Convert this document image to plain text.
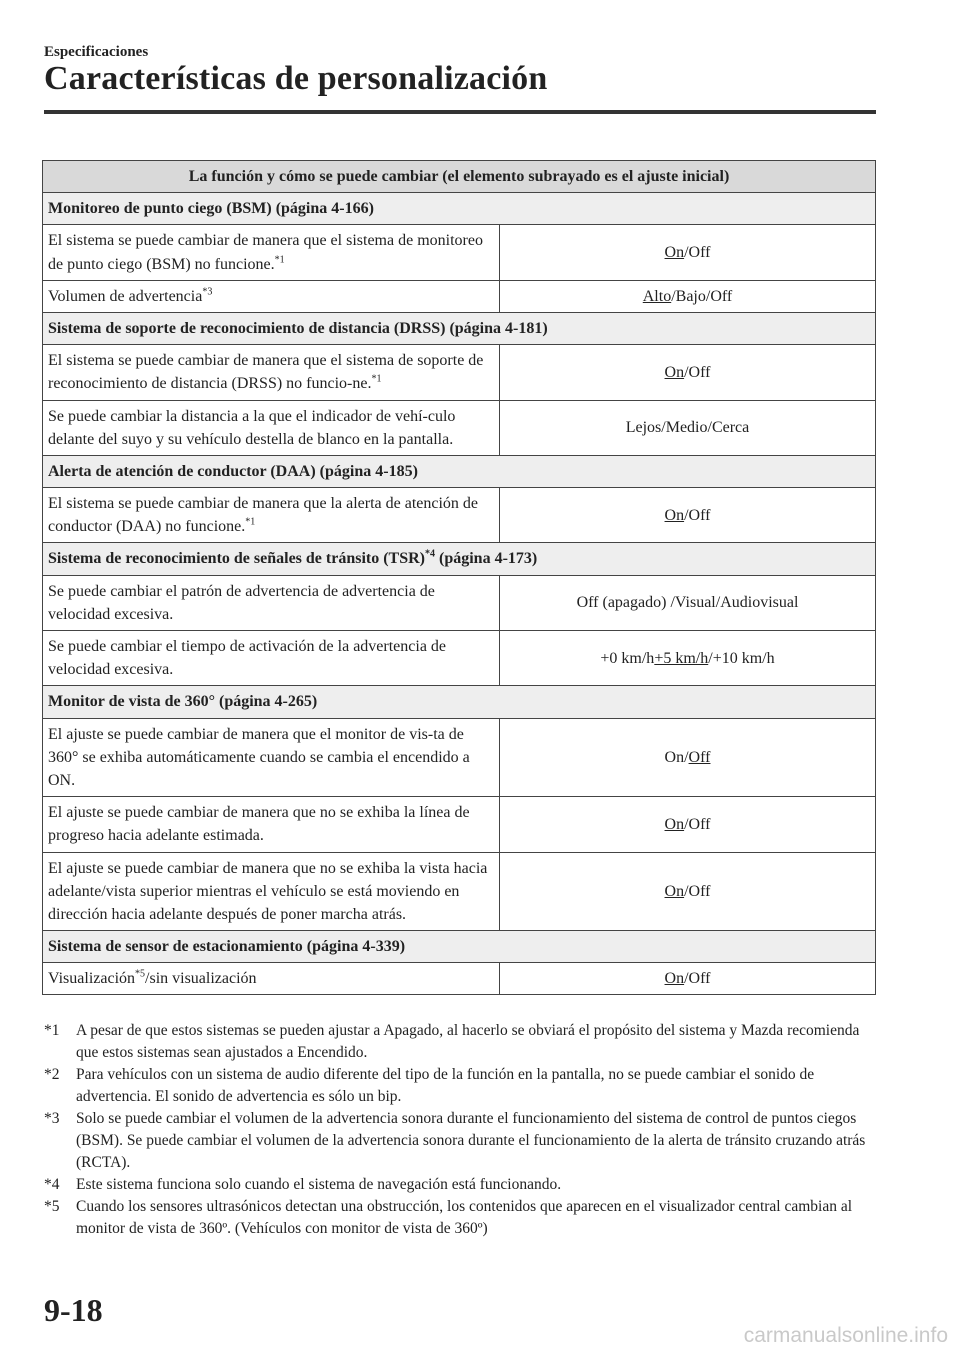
Especificaciones
Características de personalización
La función y cómo se puede cambiar (el elemento subrayado es el ajuste inicial)	
Monitoreo de punto ciego (BSM) (página 4-166)	
El sistema se puede cambiar de manera que el sistema de monitoreo de punto ciego (BSM) no funcione.$^{*1}$	On/Off
Volumen de advertencia$^{*3}$	Alto/Bajo/Off
Sistema de soporte de reconocimiento de distancia (DRSS) (página 4-181)	
El sistema se puede cambiar de manera que el sistema de soporte de reconocimiento de distancia (DRSS) no funcio-ne.$^{*1}$	On/Off
Se puede cambiar la distancia a la que el indicador de vehí-culo delante del suyo y su vehículo destella de blanco en la pantalla.	Lejos/Medio/Cerca
Alerta de atención de conductor (DAA) (página 4-185)	
El sistema se puede cambiar de manera que la alerta de atención de conductor (DAA) no funcione.$^{*1}$	On/Off
Sistema de reconocimiento de señales de tránsito (TSR)$^{*4}$ (página 4-173)	
Se puede cambiar el patrón de advertencia de advertencia de velocidad excesiva.	Off (apagado) /Visual/Audiovisual
Se puede cambiar el tiempo de activación de la advertencia de velocidad excesiva.	+0 km/h+5 km/h/+10 km/h
Monitor de vista de 360° (página 4-265)	
El ajuste se puede cambiar de manera que el monitor de vis-ta de 360° se exhiba automáticamente cuando se cambia el encendido a ON.	On/Off
El ajuste se puede cambiar de manera que no se exhiba la línea de progreso hacia adelante estimada.	On/Off
El ajuste se puede cambiar de manera que no se exhiba la vista hacia adelante/vista superior mientras el vehículo se está moviendo en dirección hacia adelante después de poner marcha atrás.	On/Off
Sistema de sensor de estacionamiento (página 4-339)	
Visualización$^{*5}$/sin visualización	On/Off
*1	A pesar de que estos sistemas se pueden ajustar a Apagado, al hacerlo se obviará el propósito del sistema y Mazda recomienda que estos sistemas sean ajustados a Encendido.
*2	Para vehículos con un sistema de audio diferente del tipo de la función en la pantalla, no se puede cambiar el sonido de advertencia. El sonido de advertencia es sólo un bip.
*3	Solo se puede cambiar el volumen de la advertencia sonora durante el funcionamiento del sistema de control de puntos ciegos (BSM). Se puede cambiar el volumen de la advertencia sonora durante el funcionamiento de la alerta de tránsito cruzando atrás (RCTA).
*4	Este sistema funciona solo cuando el sistema de navegación está funcionando.
*5	Cuando los sensores ultrasónicos detectan una obstrucción, los contenidos que aparecen en el visualizador central cambian al monitor de vista de 360º. (Vehículos con monitor de vista de 360º)
9-18
carmanualsonline.info
